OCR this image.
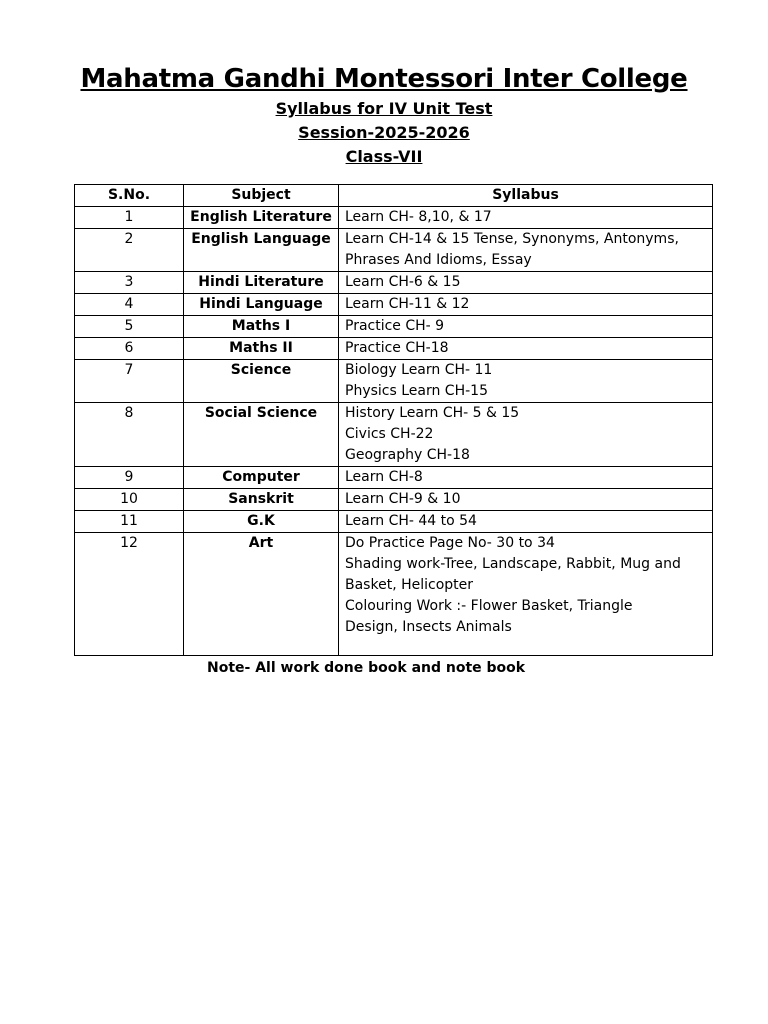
Mahatma Gandhi Montessori Inter College
Syllabus for IV Unit Test
Session-2025-2026
Class-VII
S.No.	Subject	Syllabus
1	English Literature	Learn CH- 8,10, & 17

2	English Language	Learn CH-14 & 15 Tense, Synonyms, Antonyms,
Phrases And Idioms, Essay

3	Hindi Literature	Learn CH-6 & 15

4	Hindi Language	Learn CH-11 & 12

5	Maths I	Practice CH- 9

6	Maths II	Practice CH-18

7	Science	Biology Learn CH- 11
Physics Learn CH-15

8	Social Science	History Learn CH- 5 & 15
Civics CH-22
Geography CH-18

9	Computer	Learn CH-8

10	Sanskrit	Learn CH-9 & 10

11	G.K	Learn CH- 44 to 54

12	Art	Do Practice Page No- 30 to 34
Shading work-Tree, Landscape, Rabbit, Mug and
Basket, Helicopter
Colouring Work :- Flower Basket, Triangle
Design, Insects Animals
Note- All work done book and note book
